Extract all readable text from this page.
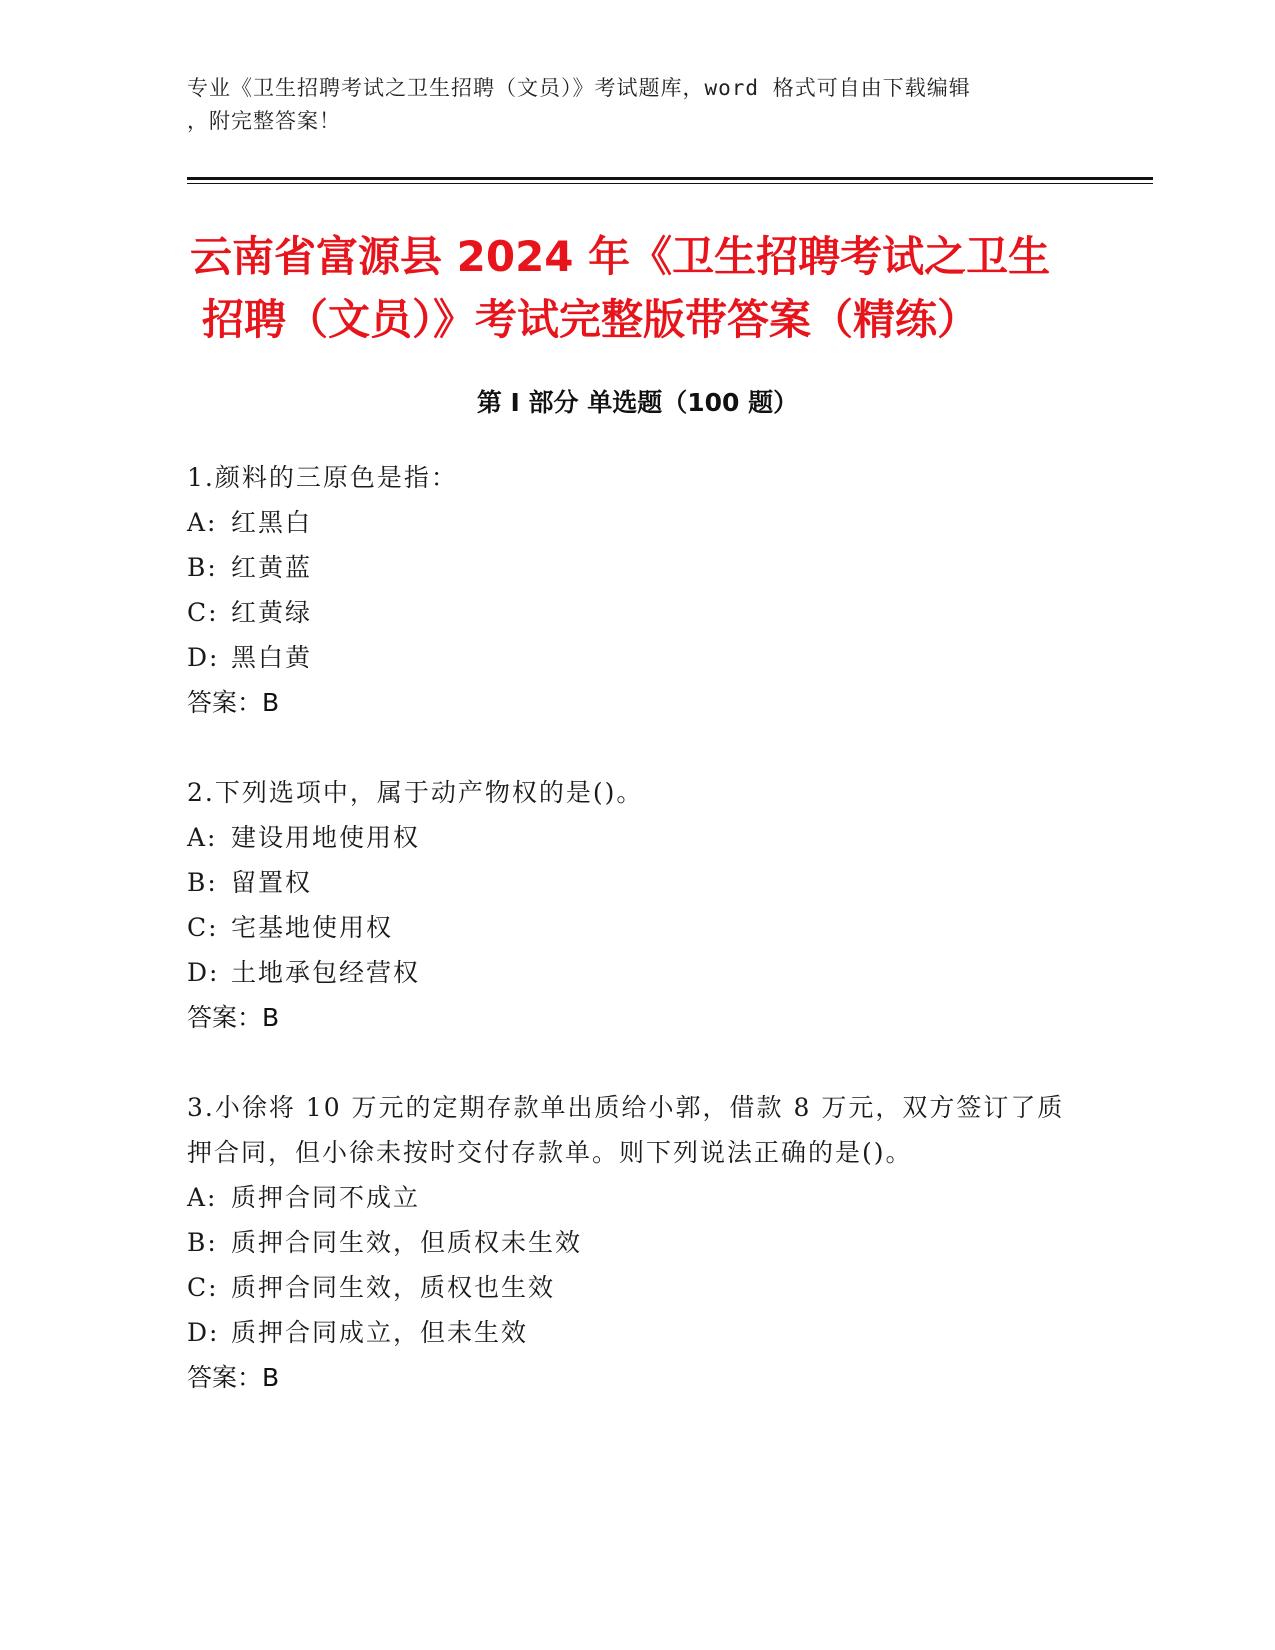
专业《卫生招聘考试之卫生招聘（文员）》考试题库，word 格式可自由下载编辑
，附完整答案！
云南省富源县 2024 年《卫生招聘考试之卫生
招聘（文员）》考试完整版带答案（精练）
第 I 部分 单选题（100 题）
1.颜料的三原色是指：
A: 红黑白
B: 红黄蓝
C: 红黄绿
D: 黑白黄
答案：B
2.下列选项中，属于动产物权的是()。
A: 建设用地使用权
B: 留置权
C: 宅基地使用权
D: 土地承包经营权
答案：B
3.小徐将 10 万元的定期存款单出质给小郭，借款 8 万元，双方签订了质押合同，但小徐未按时交付存款单。则下列说法正确的是()。
A: 质押合同不成立
B: 质押合同生效，但质权未生效
C: 质押合同生效，质权也生效
D: 质押合同成立，但未生效
答案：B
